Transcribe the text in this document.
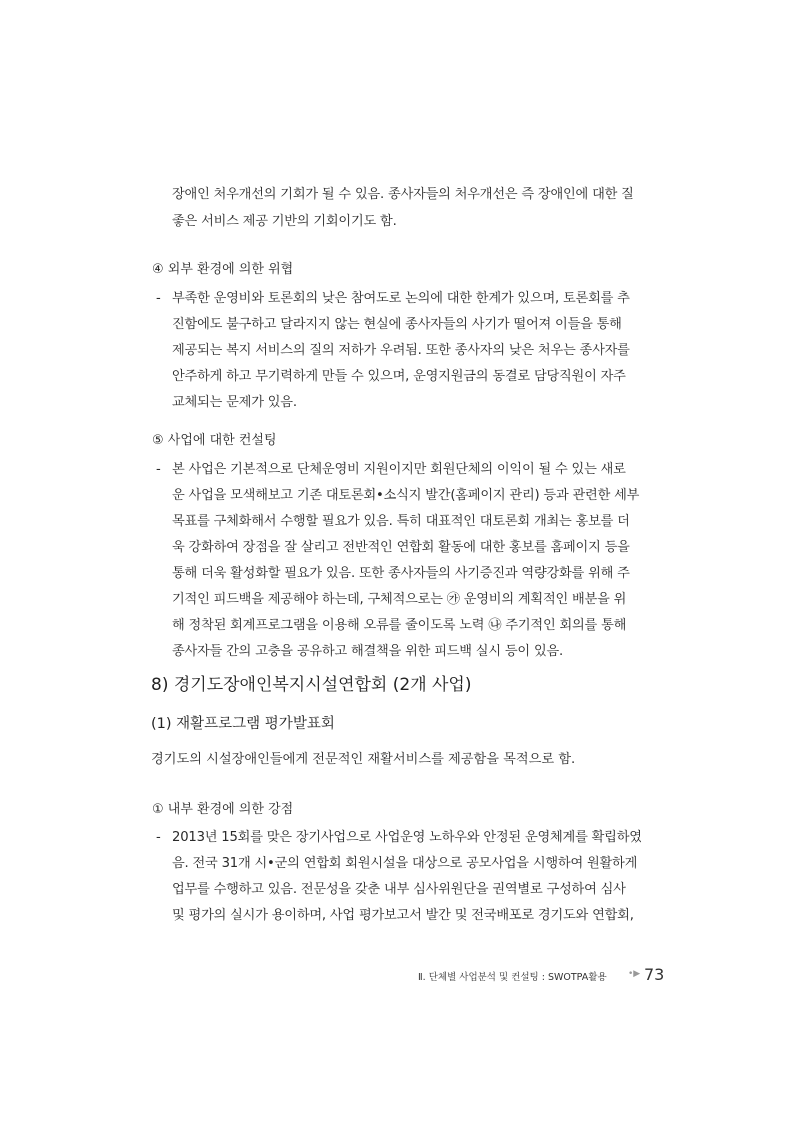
장애인 처우개선의 기회가 될 수 있음. 종사자들의 처우개선은 즉 장애인에 대한 질
좋은 서비스 제공 기반의 기회이기도 함.
④ 외부 환경에 의한 위협
- 부족한 운영비와 토론회의 낮은 참여도로 논의에 대한 한계가 있으며, 토론회를 추
진함에도 불구하고 달라지지 않는 현실에 종사자들의 사기가 떨어져 이들을 통해
제공되는 복지 서비스의 질의 저하가 우려됨. 또한 종사자의 낮은 처우는 종사자를
안주하게 하고 무기력하게 만들 수 있으며, 운영지원금의 동결로 담당직원이 자주
교체되는 문제가 있음.
⑤ 사업에 대한 컨설팅
- 본 사업은 기본적으로 단체운영비 지원이지만 회원단체의 이익이 될 수 있는 새로
운 사업을 모색해보고 기존 대토론회•소식지 발간(홈페이지 관리) 등과 관련한 세부
목표를 구체화해서 수행할 필요가 있음. 특히 대표적인 대토론회 개최는 홍보를 더
욱 강화하여 장점을 잘 살리고 전반적인 연합회 활동에 대한 홍보를 홈페이지 등을
통해 더욱 활성화할 필요가 있음. 또한 종사자들의 사기증진과 역량강화를 위해 주
기적인 피드백을 제공해야 하는데, 구체적으로는 ㉮ 운영비의 계획적인 배분을 위
해 정착된 회계프로그램을 이용해 오류를 줄이도록 노력 ㉯ 주기적인 회의를 통해
종사자들 간의 고충을 공유하고 해결책을 위한 피드백 실시 등이 있음.
8) 경기도장애인복지시설연합회 (2개 사업)
(1) 재활프로그램 평가발표회
경기도의 시설장애인들에게 전문적인 재활서비스를 제공함을 목적으로 함.
① 내부 환경에 의한 강점
- 2013년 15회를 맞은 장기사업으로 사업운영 노하우와 안정된 운영체계를 확립하였
음. 전국 31개 시•군의 연합회 회원시설을 대상으로 공모사업을 시행하여 원활하게
업무를 수행하고 있음. 전문성을 갖춘 내부 심사위원단을 권역별로 구성하여 심사
및 평가의 실시가 용이하며, 사업 평가보고서 발간 및 전국배포로 경기도와 연합회,
Ⅱ. 단체별 사업분석 및 컨설팅 : SWOTPA활용 •▶ 73
